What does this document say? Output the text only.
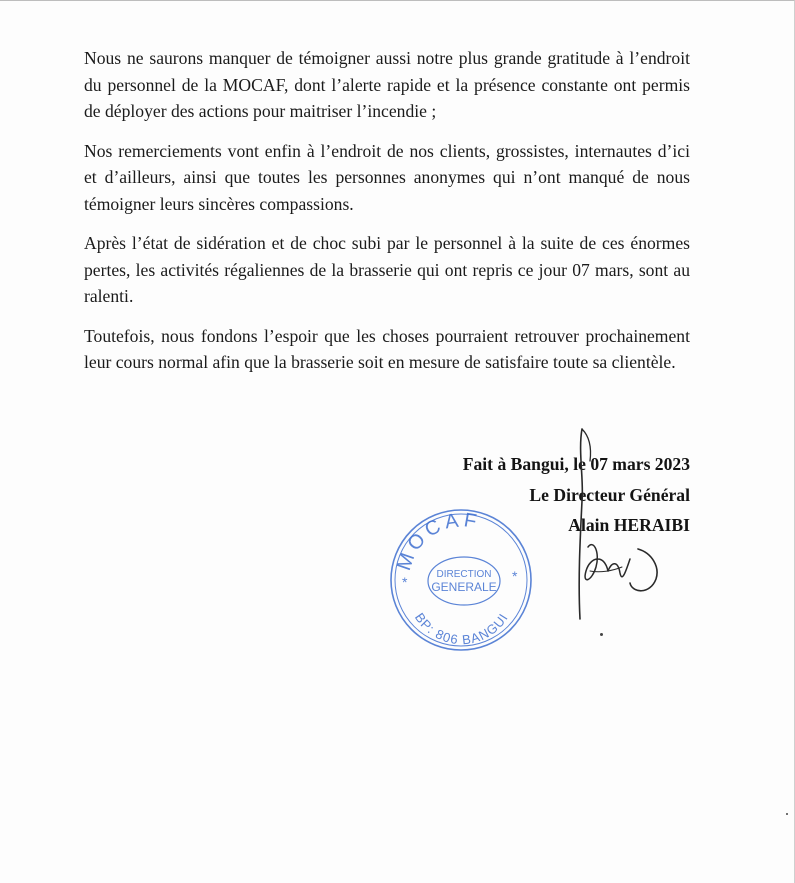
Nous ne saurons manquer de témoigner aussi notre plus grande gratitude à l’endroit du personnel de la MOCAF, dont l’alerte rapide et la présence constante ont permis de déployer des actions pour maitriser l’incendie ;

Nos remerciements vont enfin à l’endroit de nos clients, grossistes, internautes d’ici et d’ailleurs, ainsi que toutes les personnes anonymes qui n’ont manqué de nous témoigner leurs sincères compassions.

Après l’état de sidération et de choc subi par le personnel à la suite de ces énormes pertes, les activités régaliennes de la brasserie qui ont repris ce jour 07 mars, sont au ralenti.

Toutefois, nous fondons l’espoir que les choses pourraient retrouver prochainement leur cours normal afin que la brasserie soit en mesure de satisfaire toute sa clientèle.

Fait à Bangui, le 07 mars 2023
Le Directeur Général
Alain HERAIBI
MOCAF
BP: 806 BANGUI
DIRECTION
GENERALE
*	*
